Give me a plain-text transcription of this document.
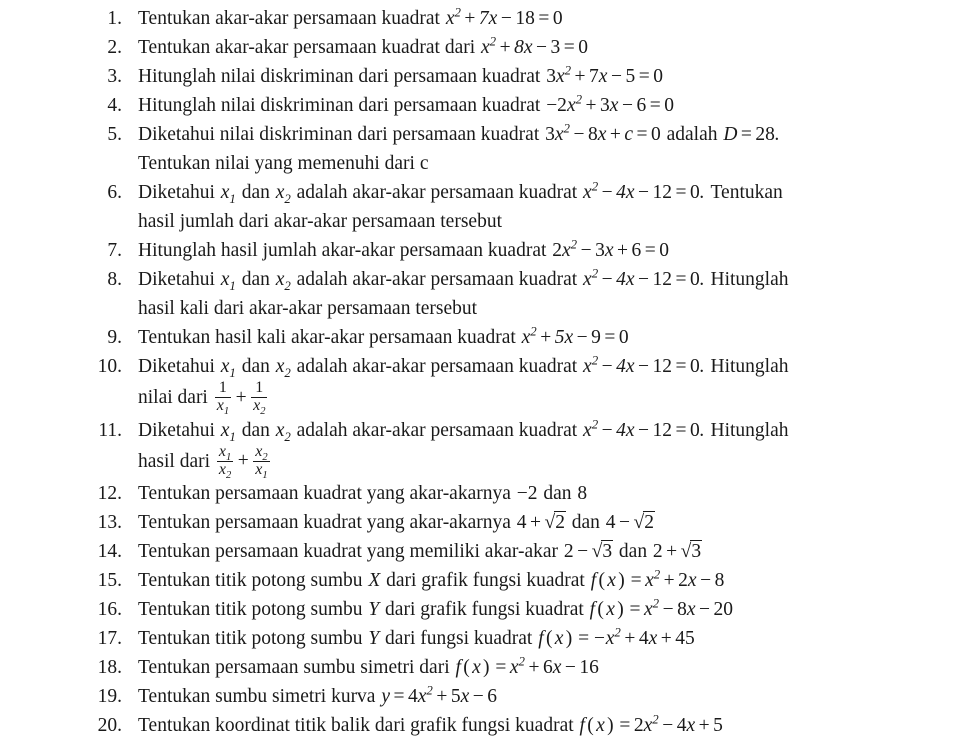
1. Tentukan akar-akar persamaan kuadrat $x^2 + 7x - 18 = 0$
2. Tentukan akar-akar persamaan kuadrat dari $x^2 + 8x - 3 = 0$
3. Hitunglah nilai diskriminan dari persamaan kuadrat $3x^2 + 7x - 5 = 0$
4. Hitunglah nilai diskriminan dari persamaan kuadrat $-2x^2 + 3x - 6 = 0$
5. Diketahui nilai diskriminan dari persamaan kuadrat $3x^2 - 8x + c = 0$ adalah D = 28.
Tentukan nilai yang memenuhi dari c
6. Diketahui $x_1$ dan $x_2$ adalah akar-akar persamaan kuadrat $x^2 - 4x - 12 = 0$. Tentukan
hasil jumlah dari akar-akar persamaan tersebut
7. Hitunglah hasil jumlah akar-akar persamaan kuadrat $2x^2 - 3x + 6 = 0$
8. Diketahui $x_1$ dan $x_2$ adalah akar-akar persamaan kuadrat $x^2 - 4x - 12 = 0$. Hitunglah
hasil kali dari akar-akar persamaan tersebut
9. Tentukan hasil kali akar-akar persamaan kuadrat $x^2 + 5x - 9 = 0$
10. Diketahui $x_1$ dan $x_2$ adalah akar-akar persamaan kuadrat $x^2 - 4x - 12 = 0$. Hitunglah
nilai dari $\frac{1}{x_1} + \frac{1}{x_2}$
11. Diketahui $x_1$ dan $x_2$ adalah akar-akar persamaan kuadrat $x^2 - 4x - 12 = 0$. Hitunglah
hasil dari $\frac{x_1}{x_2} + \frac{x_2}{x_1}$
12. Tentukan persamaan kuadrat yang akar-akarnya −2 dan 8
13. Tentukan persamaan kuadrat yang akar-akarnya 4 + √2 dan 4 − √2
14. Tentukan persamaan kuadrat yang memiliki akar-akar 2 − √3 dan 2 + √3
15. Tentukan titik potong sumbu X dari grafik fungsi kuadrat f ( x ) = $x^2 + 2x - 8$
16. Tentukan titik potong sumbu Y dari grafik fungsi kuadrat f ( x ) = $x^2 - 8x - 20$
17. Tentukan titik potong sumbu Y dari fungsi kuadrat f ( x ) = $-x^2 + 4x + 45$
18. Tentukan persamaan sumbu simetri dari f ( x ) = $x^2 + 6x - 16$
19. Tentukan sumbu simetri kurva $y = 4x^2 + 5x - 6$
20. Tentukan koordinat titik balik dari grafik fungsi kuadrat f ( x ) = $2x^2 - 4x + 5$
